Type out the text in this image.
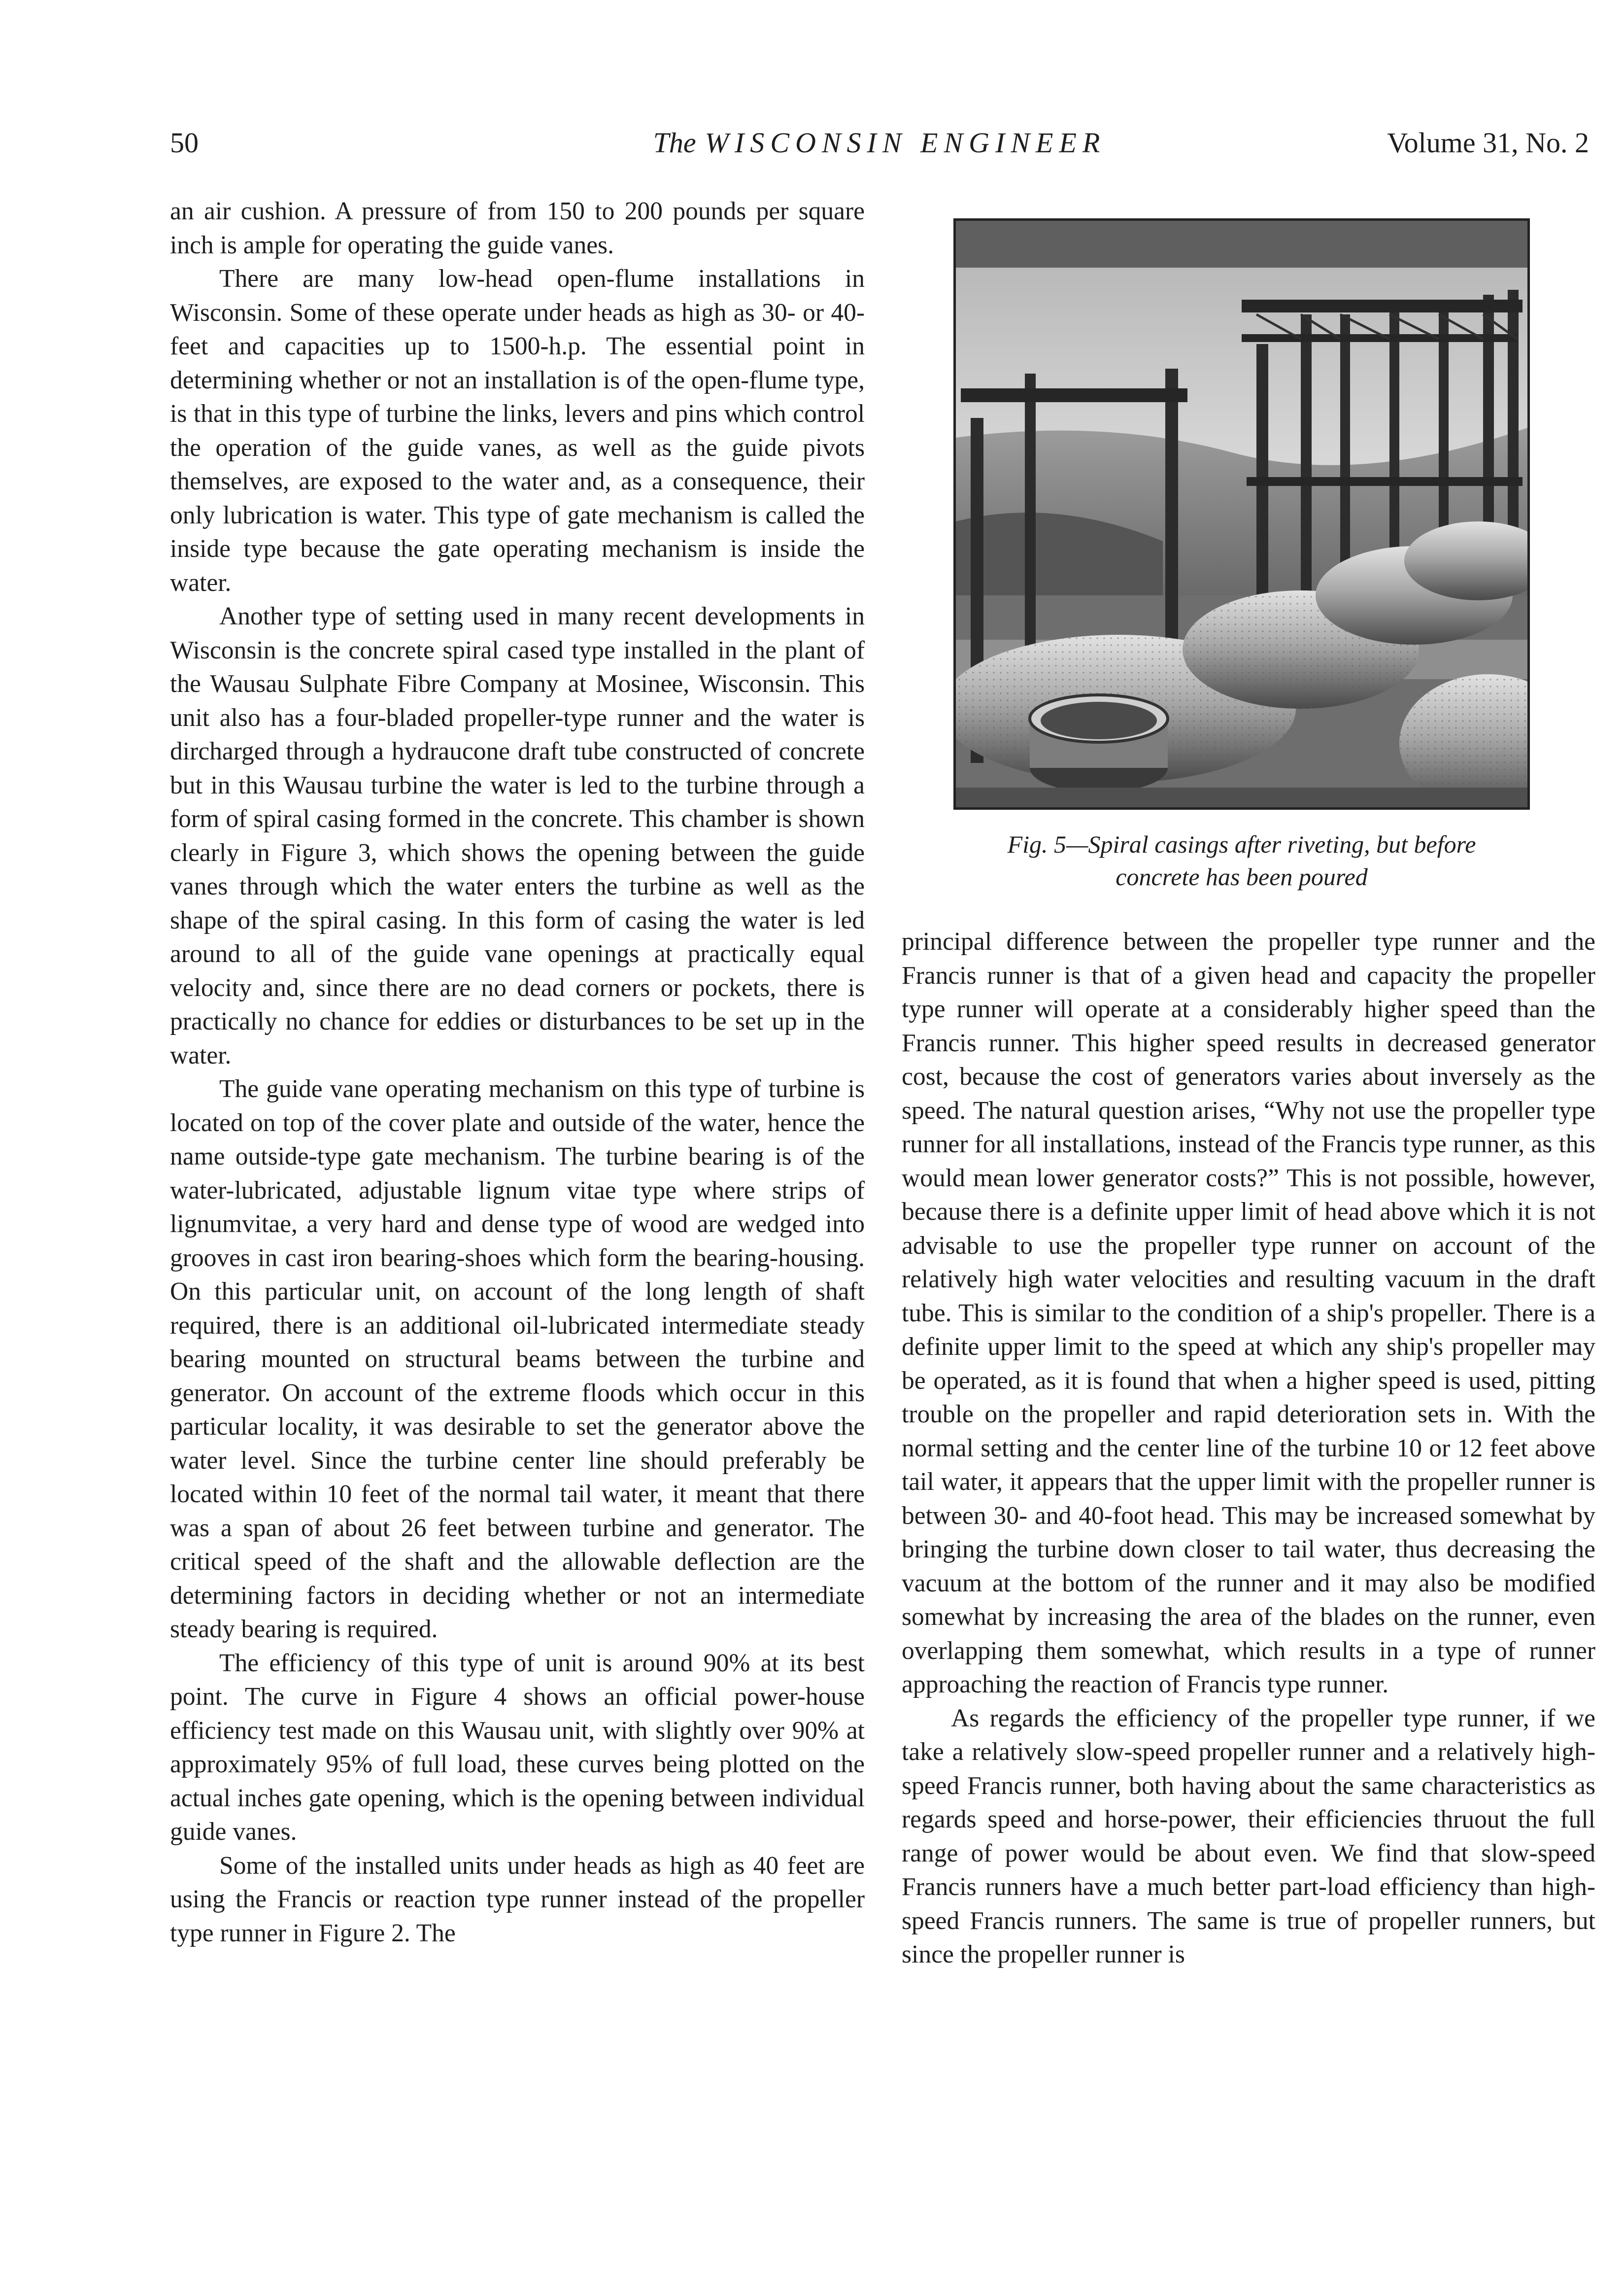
50	The WISCONSIN ENGINEER	Volume 31, No. 2

an air cushion. A pressure of from 150 to 200 pounds per square inch is ample for operating the guide vanes.

There are many low-head open-flume installations in Wisconsin. Some of these operate under heads as high as 30- or 40-feet and capacities up to 1500-h.p. The essential point in determining whether or not an installation is of the open-flume type, is that in this type of turbine the links, levers and pins which control the operation of the guide vanes, as well as the guide pivots themselves, are exposed to the water and, as a consequence, their only lubrication is water. This type of gate mechanism is called the inside type because the gate operating mechanism is inside the water.

Another type of setting used in many recent developments in Wisconsin is the concrete spiral cased type installed in the plant of the Wausau Sulphate Fibre Company at Mosinee, Wisconsin. This unit also has a four-bladed propeller-type runner and the water is dircharged through a hydraucone draft tube constructed of concrete but in this Wausau turbine the water is led to the turbine through a form of spiral casing formed in the concrete. This chamber is shown clearly in Figure 3, which shows the opening between the guide vanes through which the water enters the turbine as well as the shape of the spiral casing. In this form of casing the water is led around to all of the guide vane openings at practically equal velocity and, since there are no dead corners or pockets, there is practically no chance for eddies or disturbances to be set up in the water.

The guide vane operating mechanism on this type of turbine is located on top of the cover plate and outside of the water, hence the name outside-type gate mechanism. The turbine bearing is of the water-lubricated, adjustable lignum vitae type where strips of lignumvitae, a very hard and dense type of wood are wedged into grooves in cast iron bearing-shoes which form the bearing-housing. On this particular unit, on account of the long length of shaft required, there is an additional oil-lubricated intermediate steady bearing mounted on structural beams between the turbine and generator. On account of the extreme floods which occur in this particular locality, it was desirable to set the generator above the water level. Since the turbine center line should preferably be located within 10 feet of the normal tail water, it meant that there was a span of about 26 feet between turbine and generator. The critical speed of the shaft and the allowable deflection are the determining factors in deciding whether or not an intermediate steady bearing is required.

The efficiency of this type of unit is around 90% at its best point. The curve in Figure 4 shows an official power-house efficiency test made on this Wausau unit, with slightly over 90% at approximately 95% of full load, these curves being plotted on the actual inches gate opening, which is the opening between individual guide vanes.

Some of the installed units under heads as high as 40 feet are using the Francis or reaction type runner instead of the propeller type runner in Figure 2. The

Fig. 5—Spiral casings after riveting, but before
concrete has been poured

principal difference between the propeller type runner and the Francis runner is that of a given head and capacity the propeller type runner will operate at a considerably higher speed than the Francis runner. This higher speed results in decreased generator cost, because the cost of generators varies about inversely as the speed. The natural question arises, “Why not use the propeller type runner for all installations, instead of the Francis type runner, as this would mean lower generator costs?” This is not possible, however, because there is a definite upper limit of head above which it is not advisable to use the propeller type runner on account of the relatively high water velocities and resulting vacuum in the draft tube. This is similar to the condition of a ship's propeller. There is a definite upper limit to the speed at which any ship's propeller may be operated, as it is found that when a higher speed is used, pitting trouble on the propeller and rapid deterioration sets in. With the normal setting and the center line of the turbine 10 or 12 feet above tail water, it appears that the upper limit with the propeller runner is between 30- and 40-foot head. This may be increased somewhat by bringing the turbine down closer to tail water, thus decreasing the vacuum at the bottom of the runner and it may also be modified somewhat by increasing the area of the blades on the runner, even overlapping them somewhat, which results in a type of runner approaching the reaction of Francis type runner.

As regards the efficiency of the propeller type runner, if we take a relatively slow-speed propeller runner and a relatively high-speed Francis runner, both having about the same characteristics as regards speed and horse-power, their efficiencies thruout the full range of power would be about even. We find that slow-speed Francis runners have a much better part-load efficiency than high-speed Francis runners. The same is true of propeller runners, but since the propeller runner is
